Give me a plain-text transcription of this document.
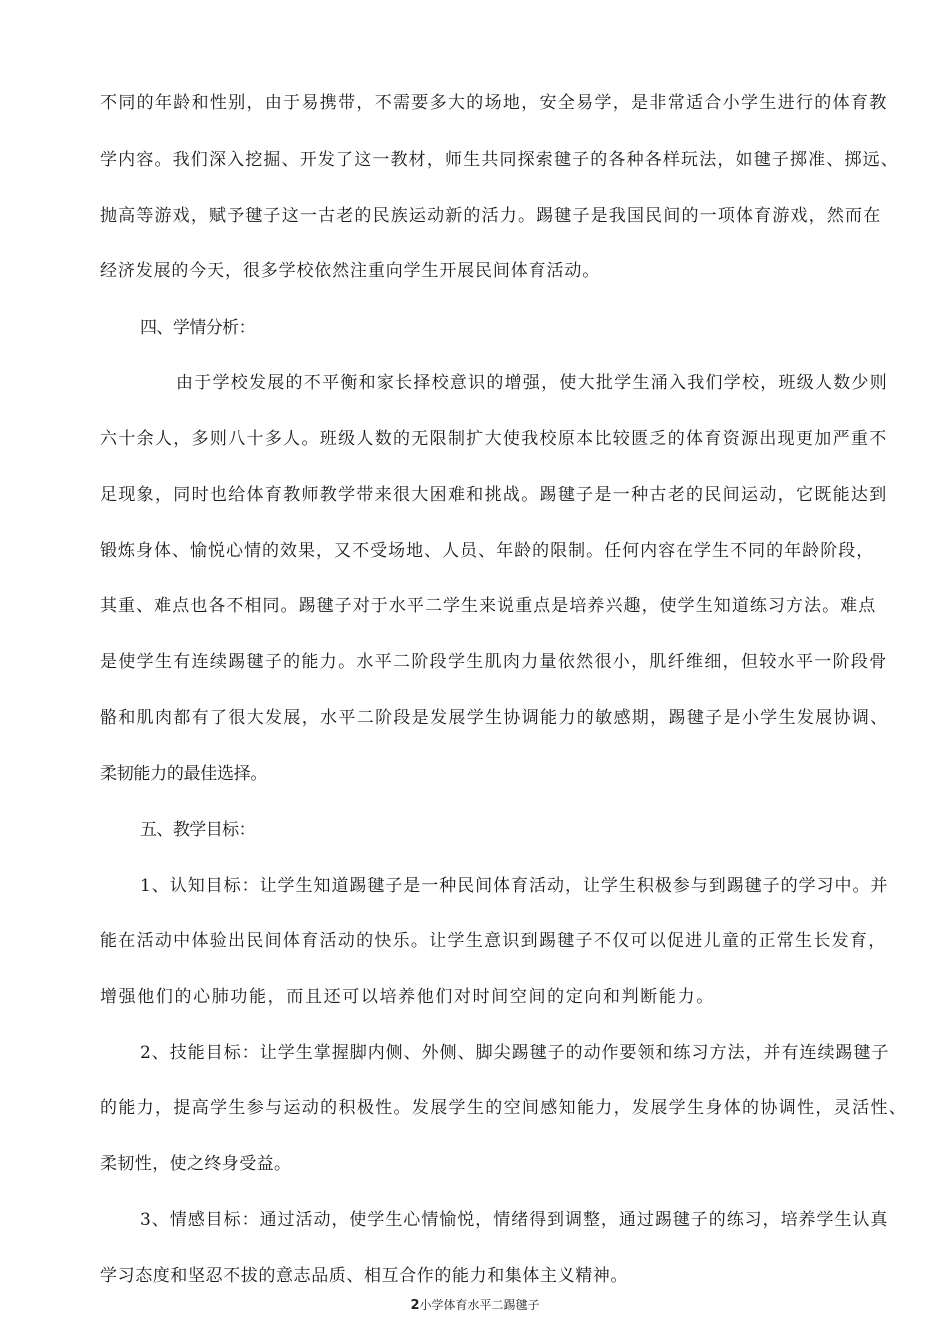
不同的年龄和性别，由于易携带，不需要多大的场地，安全易学，是非常适合小学生进行的体育教
学内容。我们深入挖掘、开发了这一教材，师生共同探索毽子的各种各样玩法，如毽子掷准、掷远、
抛高等游戏，赋予毽子这一古老的民族运动新的活力。踢毽子是我国民间的一项体育游戏，然而在
经济发展的今天，很多学校依然注重向学生开展民间体育活动。
四、学情分析：
由于学校发展的不平衡和家长择校意识的增强，使大批学生涌入我们学校，班级人数少则
六十余人，多则八十多人。班级人数的无限制扩大使我校原本比较匮乏的体育资源出现更加严重不
足现象，同时也给体育教师教学带来很大困难和挑战。踢毽子是一种古老的民间运动，它既能达到
锻炼身体、愉悦心情的效果，又不受场地、人员、年龄的限制。任何内容在学生不同的年龄阶段，
其重、难点也各不相同。踢毽子对于水平二学生来说重点是培养兴趣，使学生知道练习方法。难点
是使学生有连续踢毽子的能力。水平二阶段学生肌肉力量依然很小，肌纤维细，但较水平一阶段骨
骼和肌肉都有了很大发展，水平二阶段是发展学生协调能力的敏感期，踢毽子是小学生发展协调、
柔韧能力的最佳选择。
五、教学目标：
1、认知目标：让学生知道踢毽子是一种民间体育活动，让学生积极参与到踢毽子的学习中。并
能在活动中体验出民间体育活动的快乐。让学生意识到踢毽子不仅可以促进儿童的正常生长发育，
增强他们的心肺功能，而且还可以培养他们对时间空间的定向和判断能力。
2、技能目标：让学生掌握脚内侧、外侧、脚尖踢毽子的动作要领和练习方法，并有连续踢毽子
的能力，提高学生参与运动的积极性。发展学生的空间感知能力，发展学生身体的协调性，灵活性、
柔韧性，使之终身受益。
3、情感目标：通过活动，使学生心情愉悦，情绪得到调整，通过踢毽子的练习，培养学生认真
学习态度和坚忍不拔的意志品质、相互合作的能力和集体主义精神。
2小学体育水平二踢毽子
